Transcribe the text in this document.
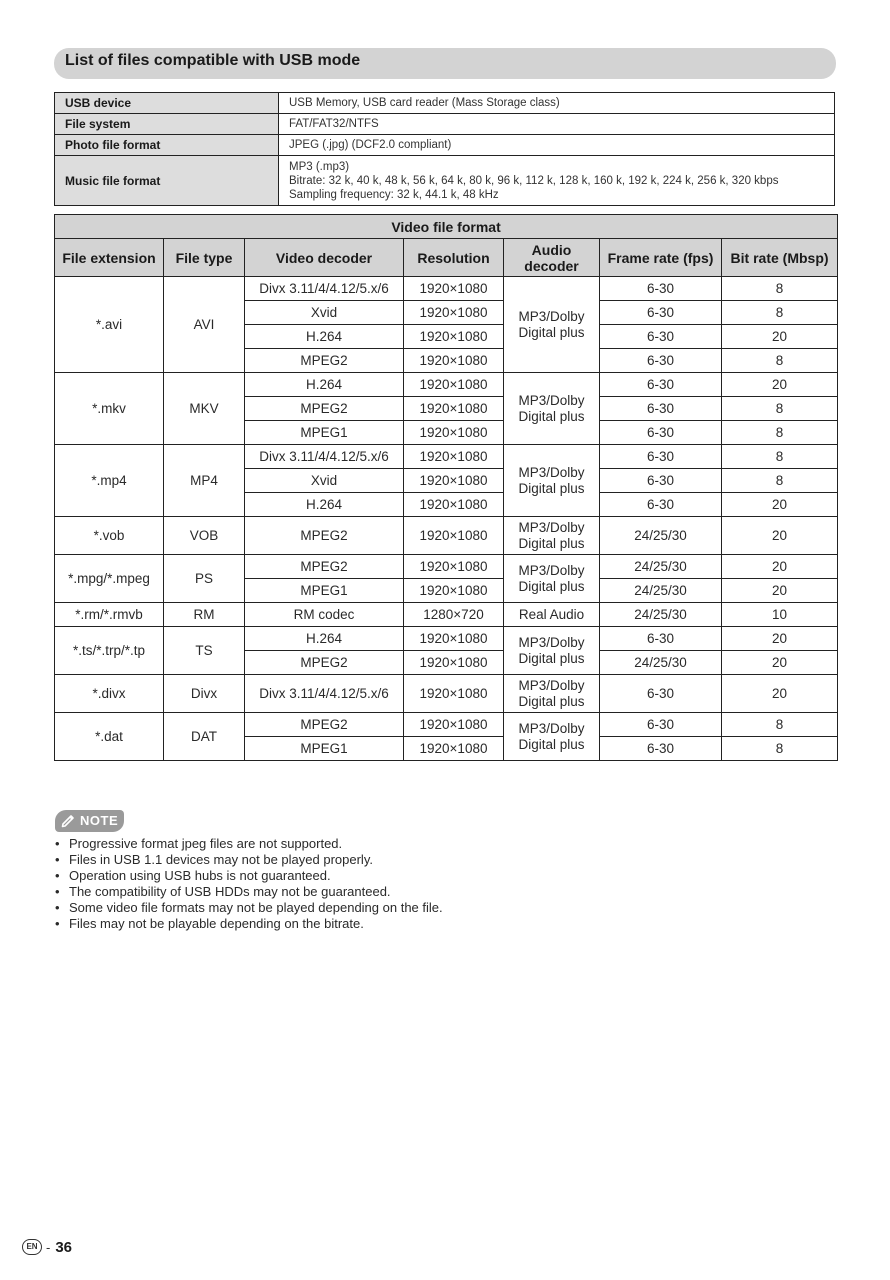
List of files compatible with USB mode
USB device	USB Memory, USB card reader (Mass Storage class)

File system	FAT/FAT32/NTFS

Photo file format	JPEG (.jpg) (DCF2.0 compliant)

Music file format	MP3 (.mp3)
Bitrate: 32 k, 40 k, 48 k, 56 k, 64 k, 80 k, 96 k, 112 k, 128 k, 160 k, 192 k, 224 k, 256 k, 320 kbps
Sampling frequency: 32 k, 44.1 k, 48 kHz
Video file format						
File extension	File type	Video decoder	Resolution	Audio decoder	Frame rate (fps)	Bit rate (Mbsp)
*.avi	AVI	Divx 3.11/4/4.12/5.x/6	1920×1080	MP3/Dolby Digital plus	6-30	8
		Xvid	1920×1080		6-30	8
		H.264	1920×1080		6-30	20
		MPEG2	1920×1080		6-30	8
*.mkv	MKV	H.264	1920×1080	MP3/Dolby Digital plus	6-30	20
		MPEG2	1920×1080		6-30	8
		MPEG1	1920×1080		6-30	8
*.mp4	MP4	Divx 3.11/4/4.12/5.x/6	1920×1080	MP3/Dolby Digital plus	6-30	8
		Xvid	1920×1080		6-30	8
		H.264	1920×1080		6-30	20
*.vob	VOB	MPEG2	1920×1080	MP3/Dolby Digital plus	24/25/30	20
*.mpg/*.mpeg	PS	MPEG2	1920×1080	MP3/Dolby Digital plus	24/25/30	20
		MPEG1	1920×1080		24/25/30	20
*.rm/*.rmvb	RM	RM codec	1280×720	Real Audio	24/25/30	10
*.ts/*.trp/*.tp	TS	H.264	1920×1080	MP3/Dolby Digital plus	6-30	20
		MPEG2	1920×1080		24/25/30	20
*.divx	Divx	Divx 3.11/4/4.12/5.x/6	1920×1080	MP3/Dolby Digital plus	6-30	20
*.dat	DAT	MPEG2	1920×1080	MP3/Dolby Digital plus	6-30	8
		MPEG1	1920×1080		6-30	8
NOTE
• Progressive format jpeg files are not supported.
• Files in USB 1.1 devices may not be played properly.
• Operation using USB hubs is not guaranteed.
• The compatibility of USB HDDs may not be guaranteed.
• Some video file formats may not be played depending on the file.
• Files may not be playable depending on the bitrate.
EN - 36
